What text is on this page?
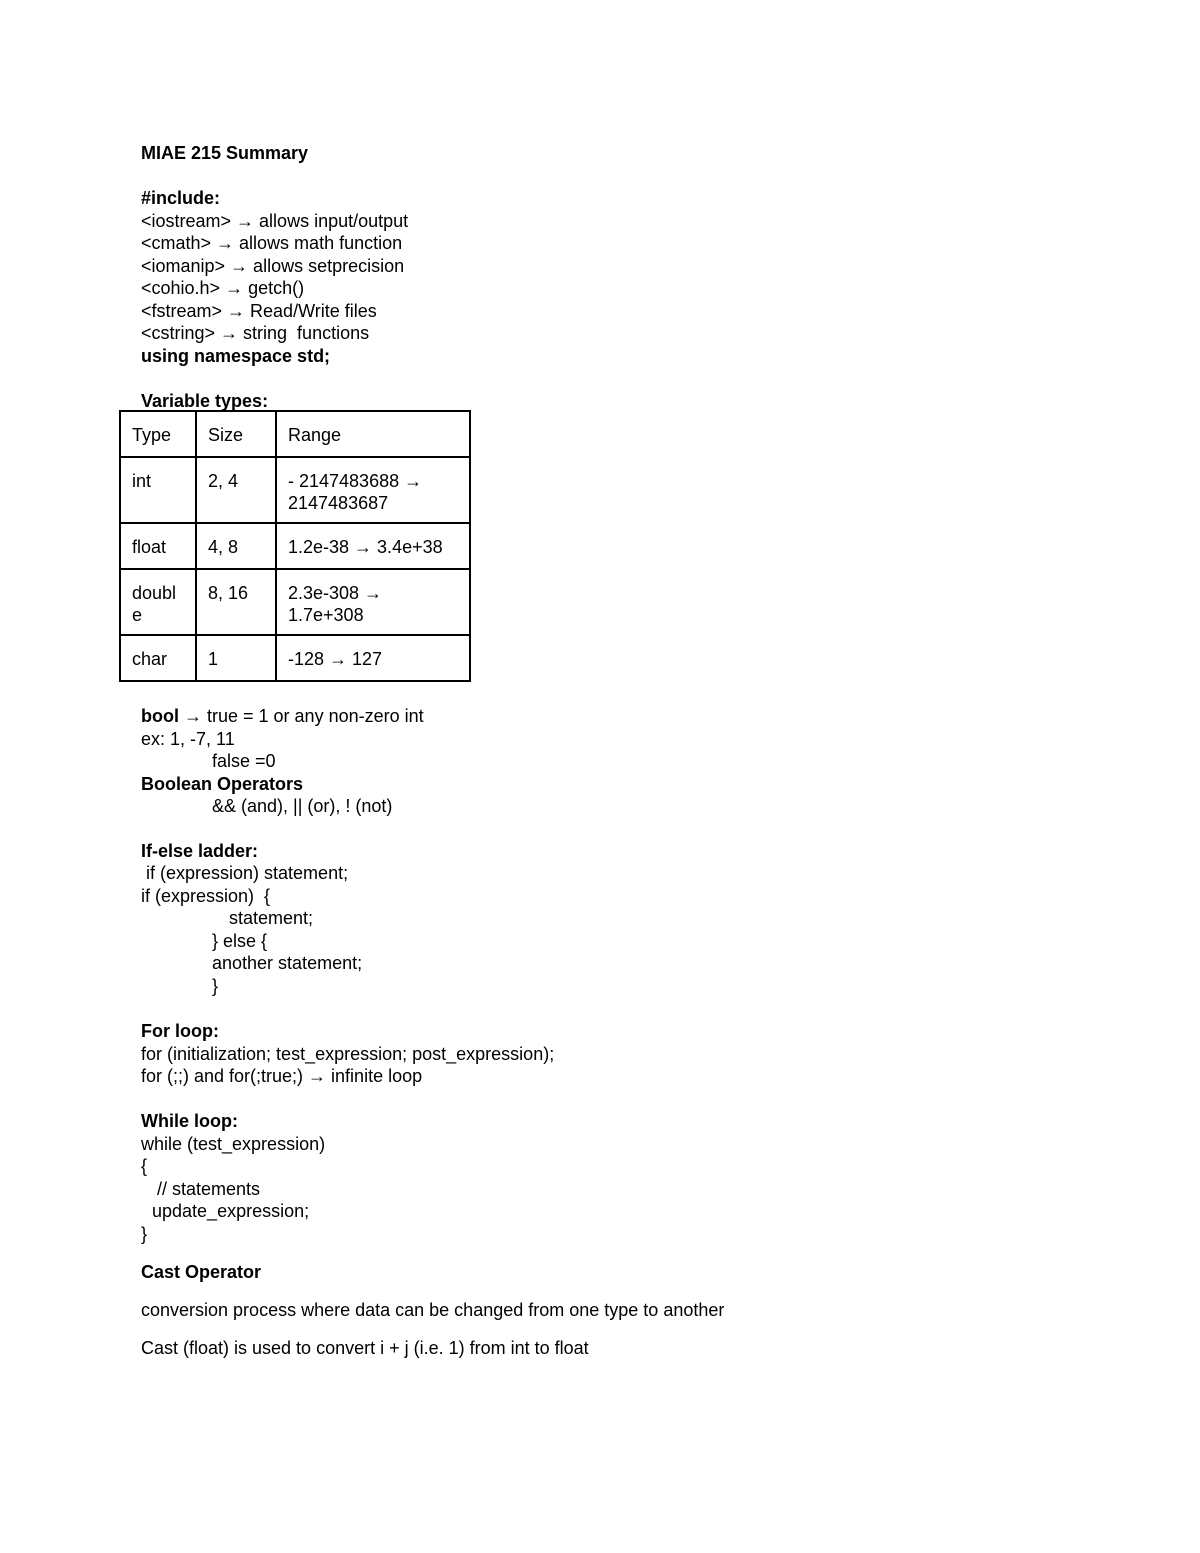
MIAE 215 Summary
#include:
<iostream> → allows input/output
<cmath> → allows math function
<iomanip> → allows setprecision
<cohio.h> → getch()
<fstream> → Read/Write files
<cstring> → string  functions
using namespace std;
Variable types:
Type	Size	Range
int	2, 4	- 2147483688 → 2147483687
float	4, 8	1.2e-38 → 3.4e+38
double	8, 16	2.3e-308 → 1.7e+308
char	1	-128 → 127
bool → true = 1 or any non-zero int
ex: 1, -7, 11
false =0
Boolean Operators
&& (and), || (or), ! (not)
If-else ladder:
if (expression) statement;
if (expression)  {
statement;
} else {
another statement;
}
For loop:
for (initialization; test_expression; post_expression);
for (;;) and for(;true;) → infinite loop
While loop:
while (test_expression)
{
// statements
update_expression;
}
Cast Operator
conversion process where data can be changed from one type to another
Cast (float) is used to convert i + j (i.e. 1) from int to float
